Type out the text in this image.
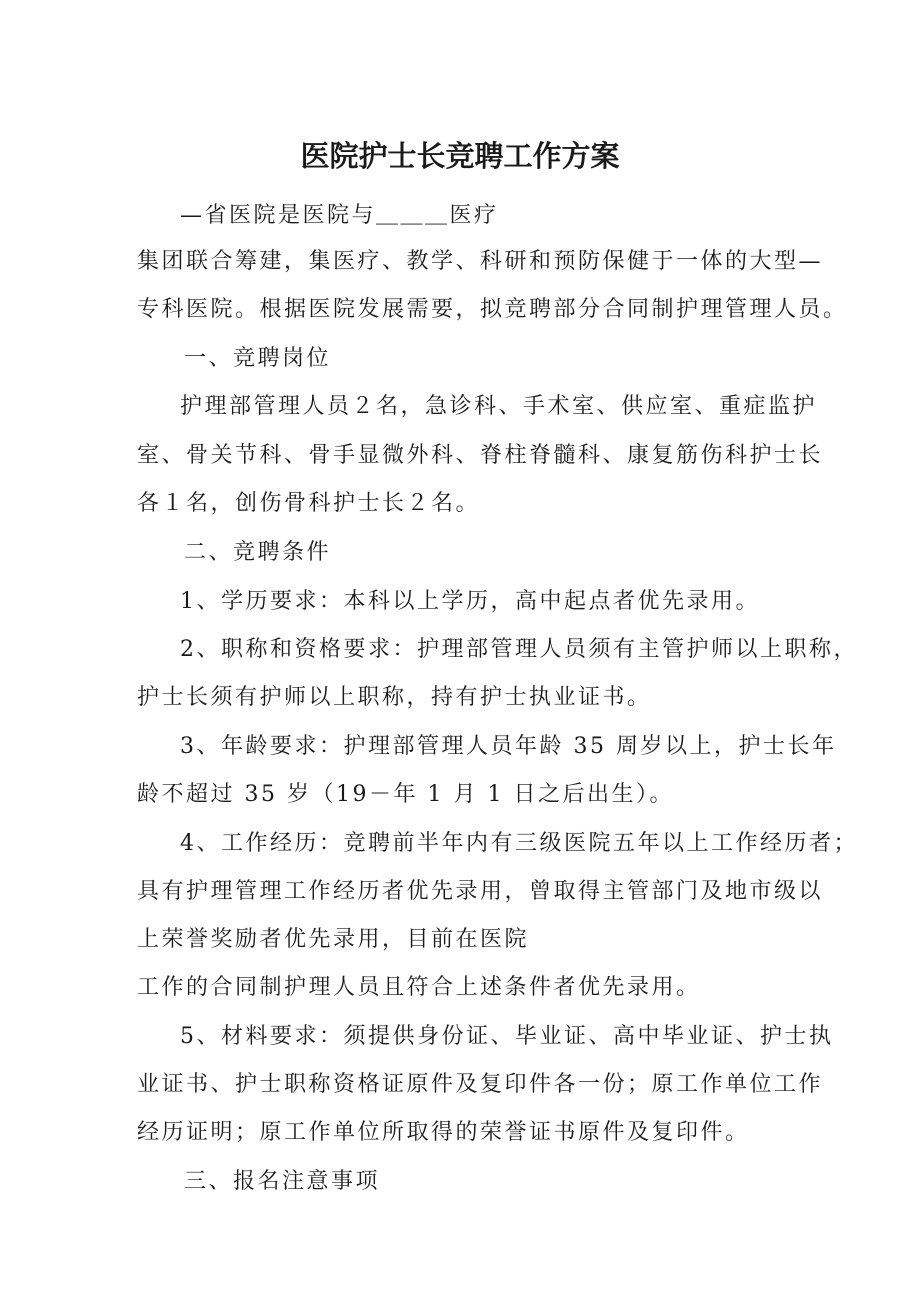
医院护士长竞聘工作方案
—省医院是医院与＿＿＿医疗
集团联合筹建，集医疗、教学、科研和预防保健于一体的大型—
专科医院。根据医院发展需要，拟竞聘部分合同制护理管理人员。
一、竞聘岗位
护理部管理人员２名，急诊科、手术室、供应室、重症监护
室、骨关节科、骨手显微外科、脊柱脊髓科、康复筋伤科护士长
各１名，创伤骨科护士长２名。
二、竞聘条件
1、学历要求：本科以上学历，高中起点者优先录用。
2、职称和资格要求：护理部管理人员须有主管护师以上职称，
护士长须有护师以上职称，持有护士执业证书。
3、年龄要求：护理部管理人员年龄 35 周岁以上，护士长年
龄不超过 35 岁（19－年 1 月 1 日之后出生）。
4、工作经历：竞聘前半年内有三级医院五年以上工作经历者；
具有护理管理工作经历者优先录用，曾取得主管部门及地市级以
上荣誉奖励者优先录用，目前在医院
工作的合同制护理人员且符合上述条件者优先录用。
5、材料要求：须提供身份证、毕业证、高中毕业证、护士执
业证书、护士职称资格证原件及复印件各一份；原工作单位工作
经历证明；原工作单位所取得的荣誉证书原件及复印件。
三、报名注意事项
